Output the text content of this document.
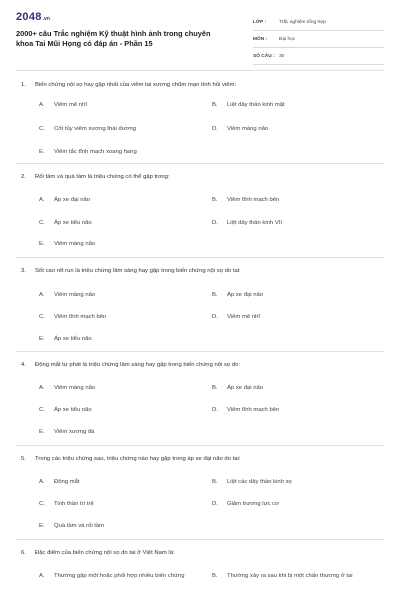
2048 .vn
2000+ câu Trắc nghiệm Kỹ thuật hình ảnh trong chuyên khoa Tai Mũi Họng có đáp án - Phần 15
LỚP :	Trắc nghiệm tổng hợp
MÔN :	Đại học
SỐ CÂU : 30
1.	Biến chứng nội sọ hay gặp nhất của viêm tai xương chũm mạn tính hồi viêm:
A.	Viêm mê nhĩ	B.	Liệt dây thần kinh mặt
C.	Cốt tủy viêm xương thái dương	D.	Viêm màng não
E.	Viêm tắc tĩnh mạch xoang hang
2.	Rối tầm và quá tầm là triệu chứng có thể gặp trong:
A.	Áp xe đại não	B.	Viêm tĩnh mạch bên
C.	Áp xe tiểu não	D.	Liệt dây thần kinh VII
E.	Viêm màng não
3.	Sốt cao rét run là triệu chứng lâm sàng hay gặp trong biến chứng nội sọ do tai:
A.	Viêm màng não	B.	Áp xe đại não
C.	Viêm tĩnh mạch bên	D.	Viêm mê nhĩ
E.	Áp xe tiểu não
4.	Động mắt tự phát là triệu chứng lâm sàng hay gặp trong biến chứng nội sọ do:
A.	Viêm màng não	B.	Áp xe đại não
C.	Áp xe tiểu não	D.	Viêm tĩnh mạch bên
E.	Viêm xương đá
5.	Trong các triệu chứng sau, triệu chứng nào hay gặp trong áp xe đại não do tai:
A.	Động mắt	B.	Liệt các dây thần kinh sọ
C.	Tinh thần trì trệ	D.	Giảm trương lực cơ
E.	Quá tầm và rối tầm
6.	Đặc điểm của biến chứng nội sọ do tai ở Việt Nam là:
A.	Thường gặp một hoặc phối hợp nhiều biến chứng	B.	Thường xảy ra sau khi bị một chấn thương ở tai
